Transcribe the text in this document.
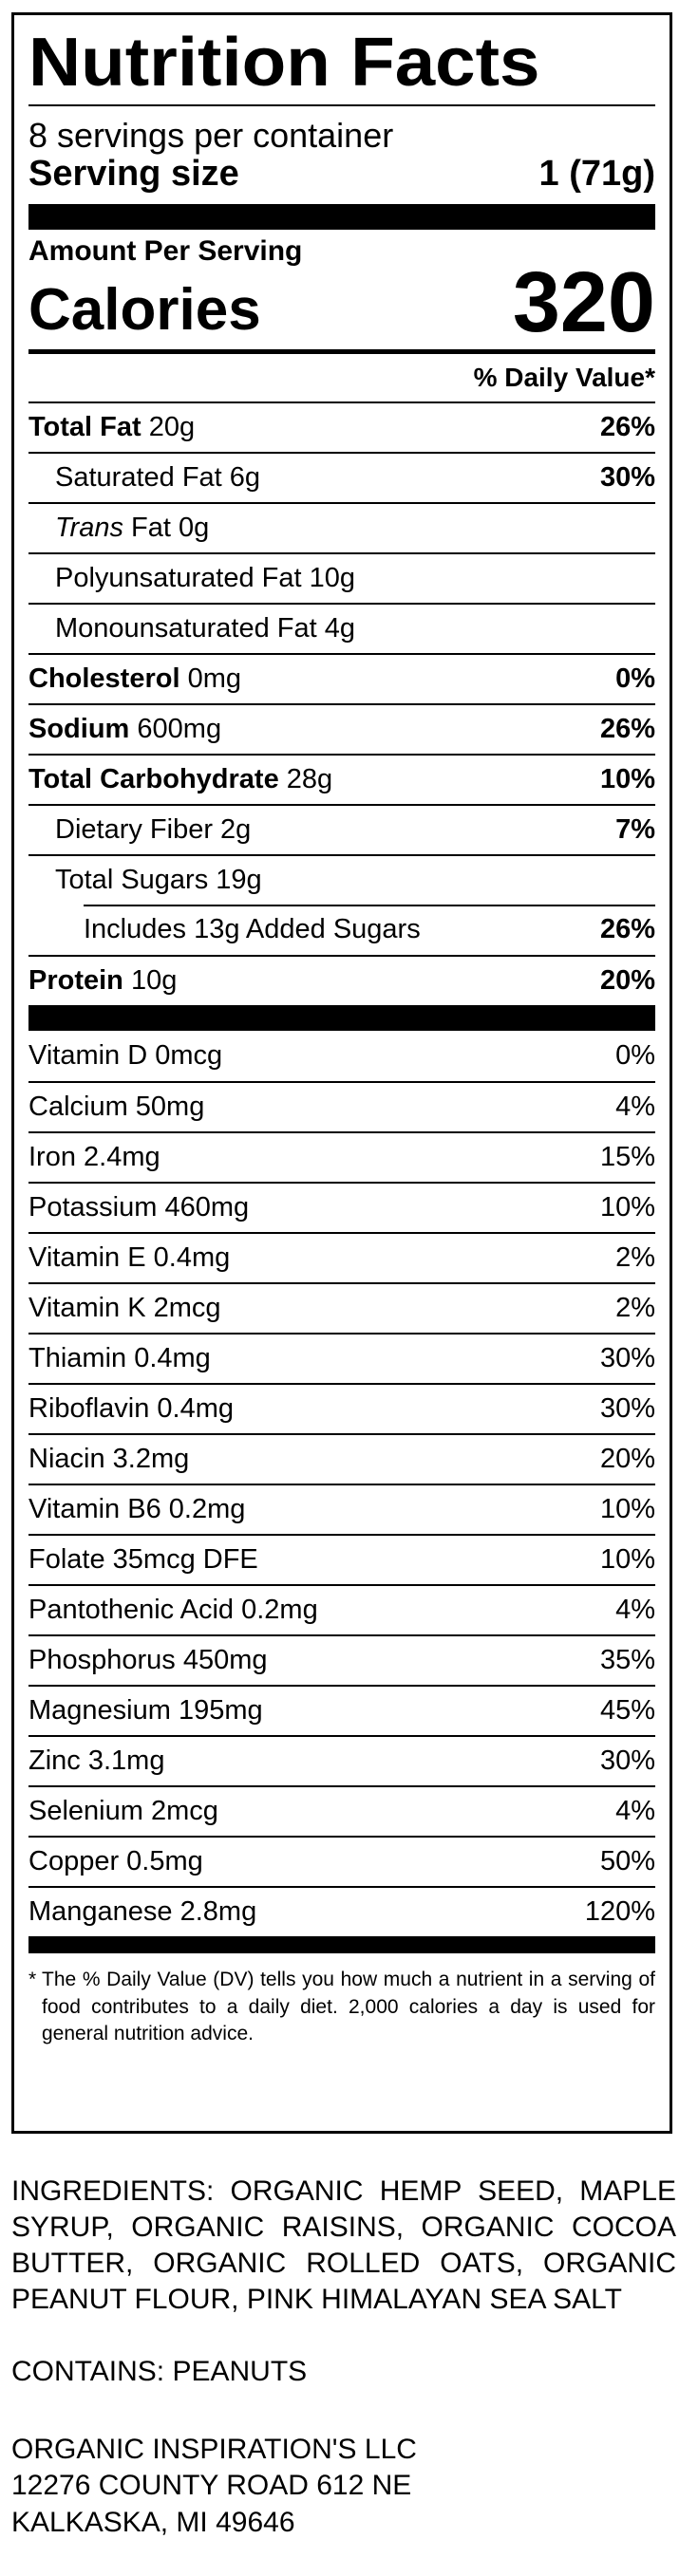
Nutrition Facts
8 servings per container
Serving size	1 (71g)
Amount Per Serving
Calories	320
% Daily Value*
Total Fat 20g	26%
Saturated Fat 6g	30%
Trans Fat 0g
Polyunsaturated Fat 10g
Monounsaturated Fat 4g
Cholesterol 0mg	0%
Sodium 600mg	26%
Total Carbohydrate 28g	10%
Dietary Fiber 2g	7%
Total Sugars 19g
Includes 13g Added Sugars	26%
Protein 10g	20%
Vitamin D 0mcg	0%
Calcium 50mg	4%
Iron 2.4mg	15%
Potassium 460mg	10%
Vitamin E 0.4mg	2%
Vitamin K 2mcg	2%
Thiamin 0.4mg	30%
Riboflavin 0.4mg	30%
Niacin 3.2mg	20%
Vitamin B6 0.2mg	10%
Folate 35mcg DFE	10%
Pantothenic Acid 0.2mg	4%
Phosphorus 450mg	35%
Magnesium 195mg	45%
Zinc 3.1mg	30%
Selenium 2mcg	4%
Copper 0.5mg	50%
Manganese 2.8mg	120%
* The % Daily Value (DV) tells you how much a nutrient in a serving of food contributes to a daily diet. 2,000 calories a day is used for general nutrition advice.
INGREDIENTS: ORGANIC HEMP SEED, MAPLE SYRUP, ORGANIC RAISINS, ORGANIC COCOA BUTTER, ORGANIC ROLLED OATS, ORGANIC PEANUT FLOUR, PINK HIMALAYAN SEA SALT
CONTAINS: PEANUTS
ORGANIC INSPIRATION'S LLC
12276 COUNTY ROAD 612 NE
KALKASKA, MI 49646
